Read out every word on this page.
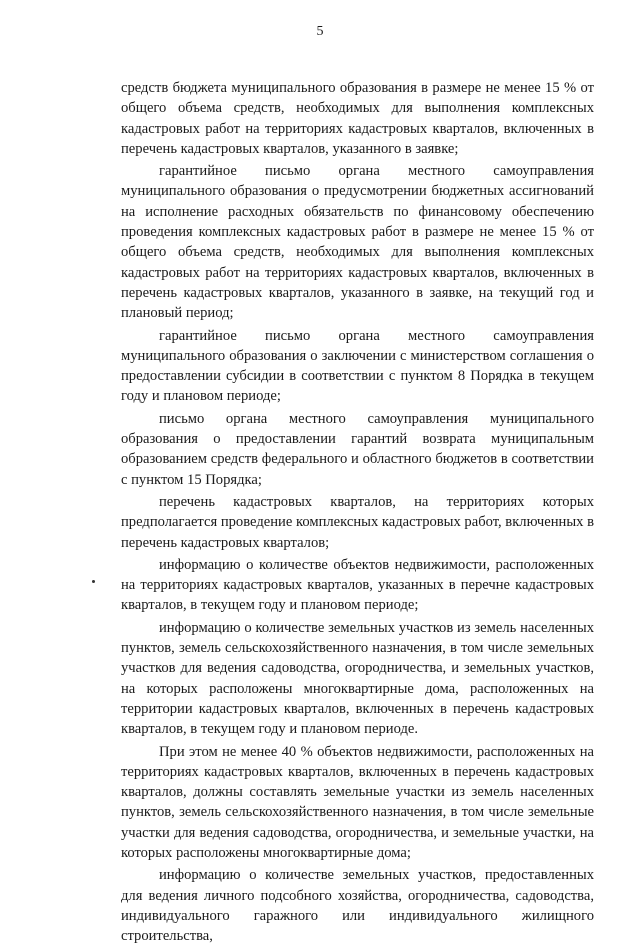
5

средств бюджета муниципального образования в размере не менее 15 % от общего объема средств, необходимых для выполнения комплексных кадастровых работ на территориях кадастровых кварталов, включенных в перечень кадастровых кварталов, указанного в заявке;

гарантийное письмо органа местного самоуправления муниципального образования о предусмотрении бюджетных ассигнований на исполнение расходных обязательств по финансовому обеспечению проведения комплексных кадастровых работ в размере не менее 15 % от общего объема средств, необходимых для выполнения комплексных кадастровых работ на территориях кадастровых кварталов, включенных в перечень кадастровых кварталов, указанного в заявке, на текущий год и плановый период;

гарантийное письмо органа местного самоуправления муниципального образования о заключении с министерством соглашения о предоставлении субсидии в соответствии с пунктом 8 Порядка в текущем году и плановом периоде;

письмо органа местного самоуправления муниципального образования о предоставлении гарантий возврата муниципальным образованием средств федерального и областного бюджетов в соответствии с пунктом 15 Порядка;

перечень кадастровых кварталов, на территориях которых предполагается проведение комплексных кадастровых работ, включенных в перечень кадастровых кварталов;

информацию о количестве объектов недвижимости, расположенных на территориях кадастровых кварталов, указанных в перечне кадастровых кварталов, в текущем году и плановом периоде;

информацию о количестве земельных участков из земель населенных пунктов, земель сельскохозяйственного назначения, в том числе земельных участков для ведения садоводства, огородничества, и земельных участков, на которых расположены многоквартирные дома, расположенных на территории кадастровых кварталов, включенных в перечень кадастровых кварталов, в текущем году и плановом периоде.

При этом не менее 40 % объектов недвижимости, расположенных на территориях кадастровых кварталов, включенных в перечень кадастровых кварталов, должны составлять земельные участки из земель населенных пунктов, земель сельскохозяйственного назначения, в том числе земельные участки для ведения садоводства, огородничества, и земельные участки, на которых расположены многоквартирные дома;

информацию о количестве земельных участков, предоставленных для ведения личного подсобного хозяйства, огородничества, садоводства, индивидуального гаражного или индивидуального жилищного строительства,
